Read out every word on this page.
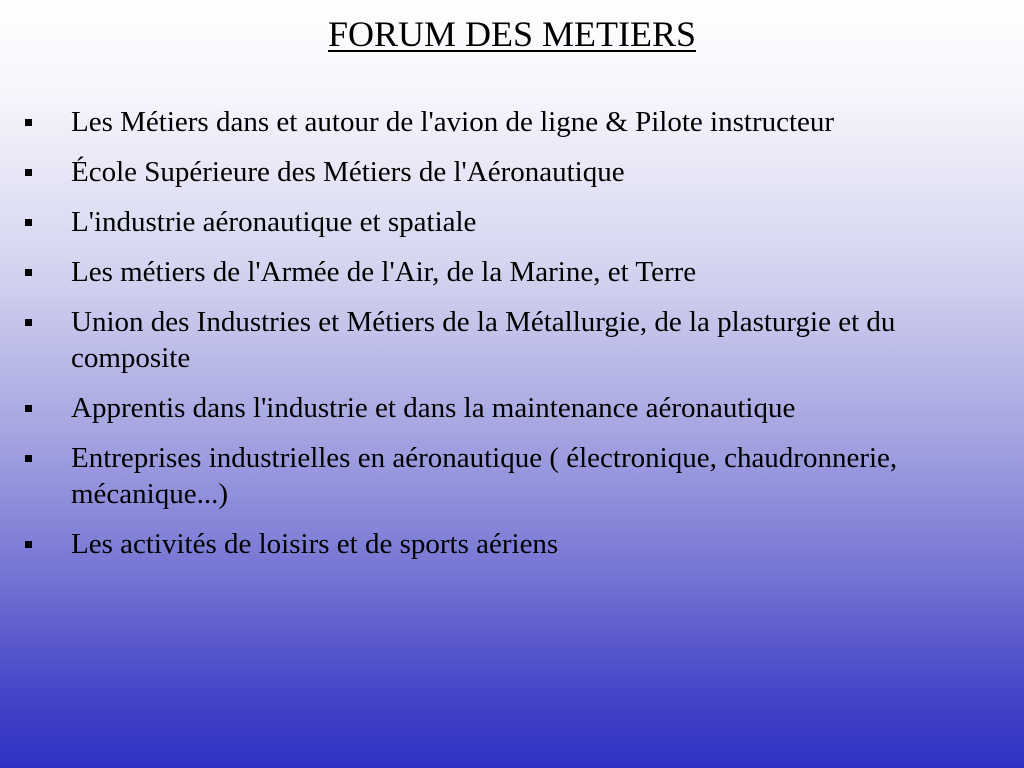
FORUM DES METIERS
Les Métiers dans et autour de l'avion de ligne & Pilote instructeur
École Supérieure des Métiers de l'Aéronautique
L'industrie aéronautique et spatiale
Les métiers de l'Armée de l'Air, de la Marine, et Terre
Union des Industries et Métiers de la Métallurgie, de la plasturgie et du composite
Apprentis dans l'industrie et dans la maintenance aéronautique
Entreprises industrielles en aéronautique ( électronique, chaudronnerie, mécanique...)
Les activités de loisirs et de sports aériens
